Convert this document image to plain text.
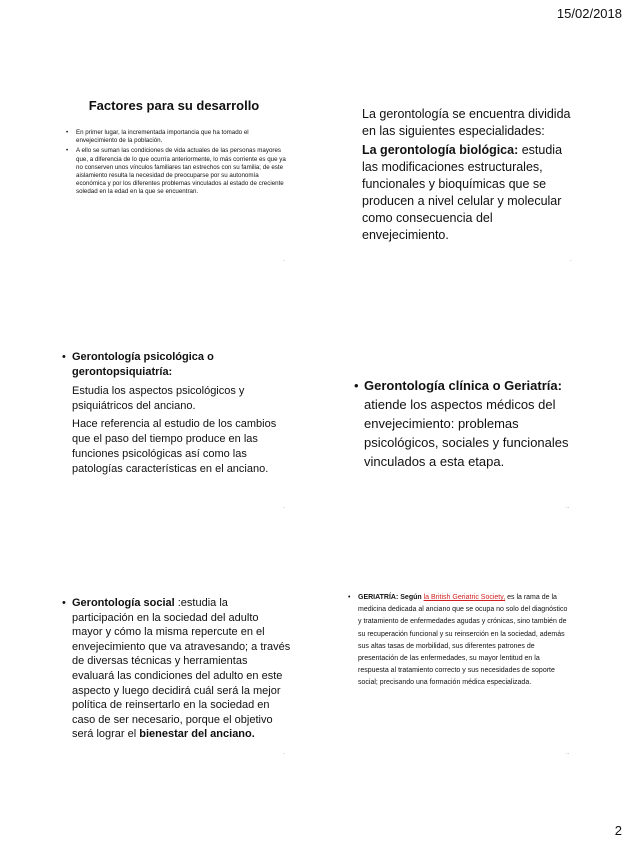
15/02/2018
Factores para su desarrollo
• En primer lugar, la incrementada importancia que ha tomado el envejecimiento de la población.
• A ello se suman las condiciones de vida actuales de las personas mayores que, a diferencia de lo que ocurría anteriormente, lo más corriente es que ya no conserven unos vínculos familiares tan estrechos con su familia; de este aislamiento resulta la necesidad de preocuparse por su autonomía económica y por los diferentes problemas vinculados al estado de creciente soledad en la edad en la que se encuentran.
.
La gerontología se encuentra dividida en las siguientes especialidades:
La gerontología biológica: estudia las modificaciones estructurales, funcionales y bioquímicas que se producen a nivel celular y molecular como consecuencia del envejecimiento.
.
• Gerontología psicológica o gerontopsiquiatría:
Estudia los aspectos psicológicos y psiquiátricos del anciano.
Hace referencia al estudio de los cambios que el paso del tiempo produce en las funciones psicológicas así como las patologías características en el anciano.
.
• Gerontología clínica o Geriatría: atiende los aspectos médicos del envejecimiento: problemas psicológicos, sociales y funcionales vinculados a esta etapa.
..
• Gerontología social :estudia la participación en la sociedad del adulto mayor y cómo la misma repercute en el envejecimiento que va atravesando; a través de diversas técnicas y herramientas evaluará las condiciones del adulto en este aspecto y luego decidirá cuál será la mejor política de reinsertarlo en la sociedad en caso de ser necesario, porque el objetivo será lograr el bienestar del anciano.
.
• GERIATRÍA: Según la British Geriatric Society, es la rama de la medicina dedicada al anciano que se ocupa no solo del diagnóstico y tratamiento de enfermedades agudas y crónicas, sino también de su recuperación funcional y su reinserción en la sociedad, además sus altas tasas de morbilidad, sus diferentes patrones de presentación de las enfermedades, su mayor lentitud en la respuesta al tratamiento correcto y sus necesidades de soporte social; precisando una formación médica especializada.
..
2
